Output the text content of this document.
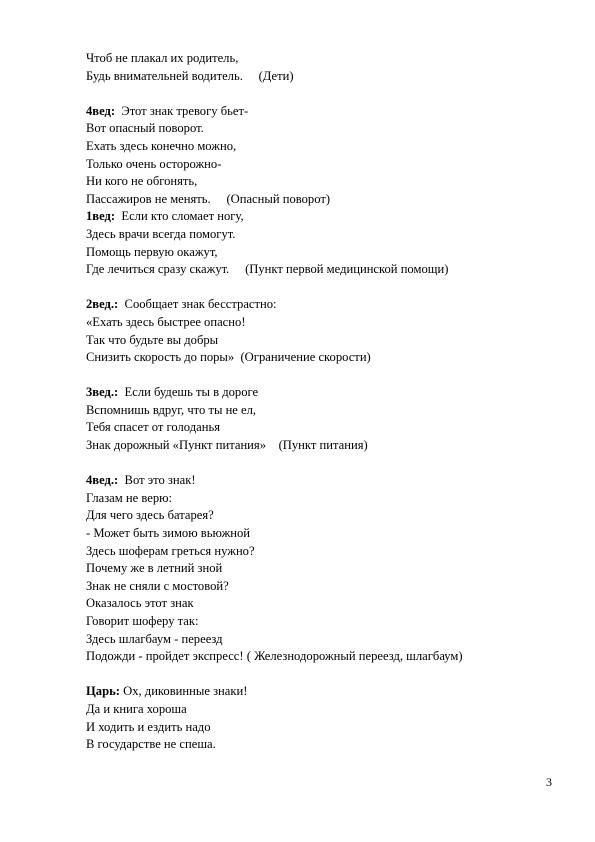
Чтоб не плакал их родитель,
Будь внимательней водитель.     (Дети)
4вед:  Этот знак тревогу бьет-
Вот опасный поворот.
Ехать здесь конечно можно,
Только очень осторожно-
Ни кого не обгонять,
Пассажиров не менять.     (Опасный поворот)
1вед:  Если кто сломает ногу,
Здесь врачи всегда помогут.
Помощь первую окажут,
Где лечиться сразу скажут.     (Пункт первой медицинской помощи)
2вед.:  Сообщает знак бесстрастно:
«Ехать здесь быстрее опасно!
Так что будьте вы добры
Снизить скорость до поры»  (Ограничение скорости)
3вед.:  Если будешь ты в дороге
Вспомнишь вдруг, что ты не ел,
Тебя спасет от голоданья
Знак дорожный «Пункт питания»    (Пункт питания)
4вед.:  Вот это знак!
Глазам не верю:
Для чего здесь батарея?
- Может быть зимою вьюжной
Здесь шоферам греться нужно?
Почему же в летний зной
Знак не сняли с мостовой?
Оказалось этот знак
Говорит шоферу так:
Здесь шлагбаум - переезд
Подожди - пройдет экспресс! ( Железнодорожный переезд, шлагбаум)
Царь: Ох, диковинные знаки!
Да и книга хороша
И ходить и ездить надо
В государстве не спеша.
3
